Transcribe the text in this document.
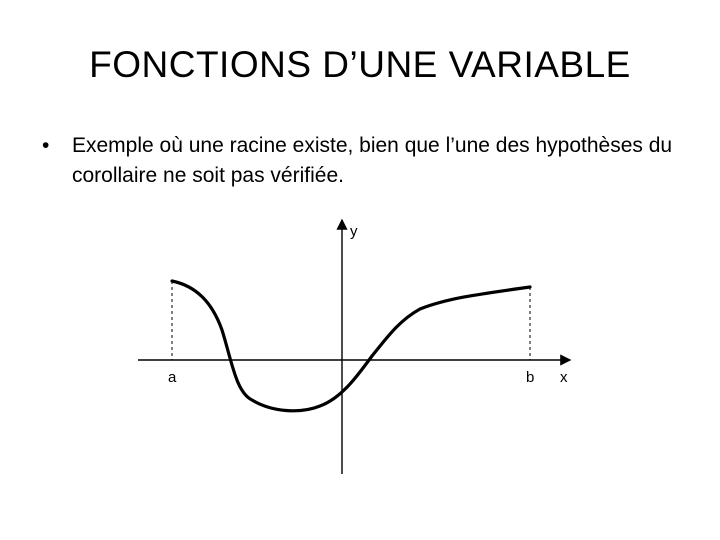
FONCTIONS D’UNE VARIABLE
• Exemple où une racine existe, bien que l’une des hypothèses du corollaire ne soit pas vérifiée.
y
a	b x
